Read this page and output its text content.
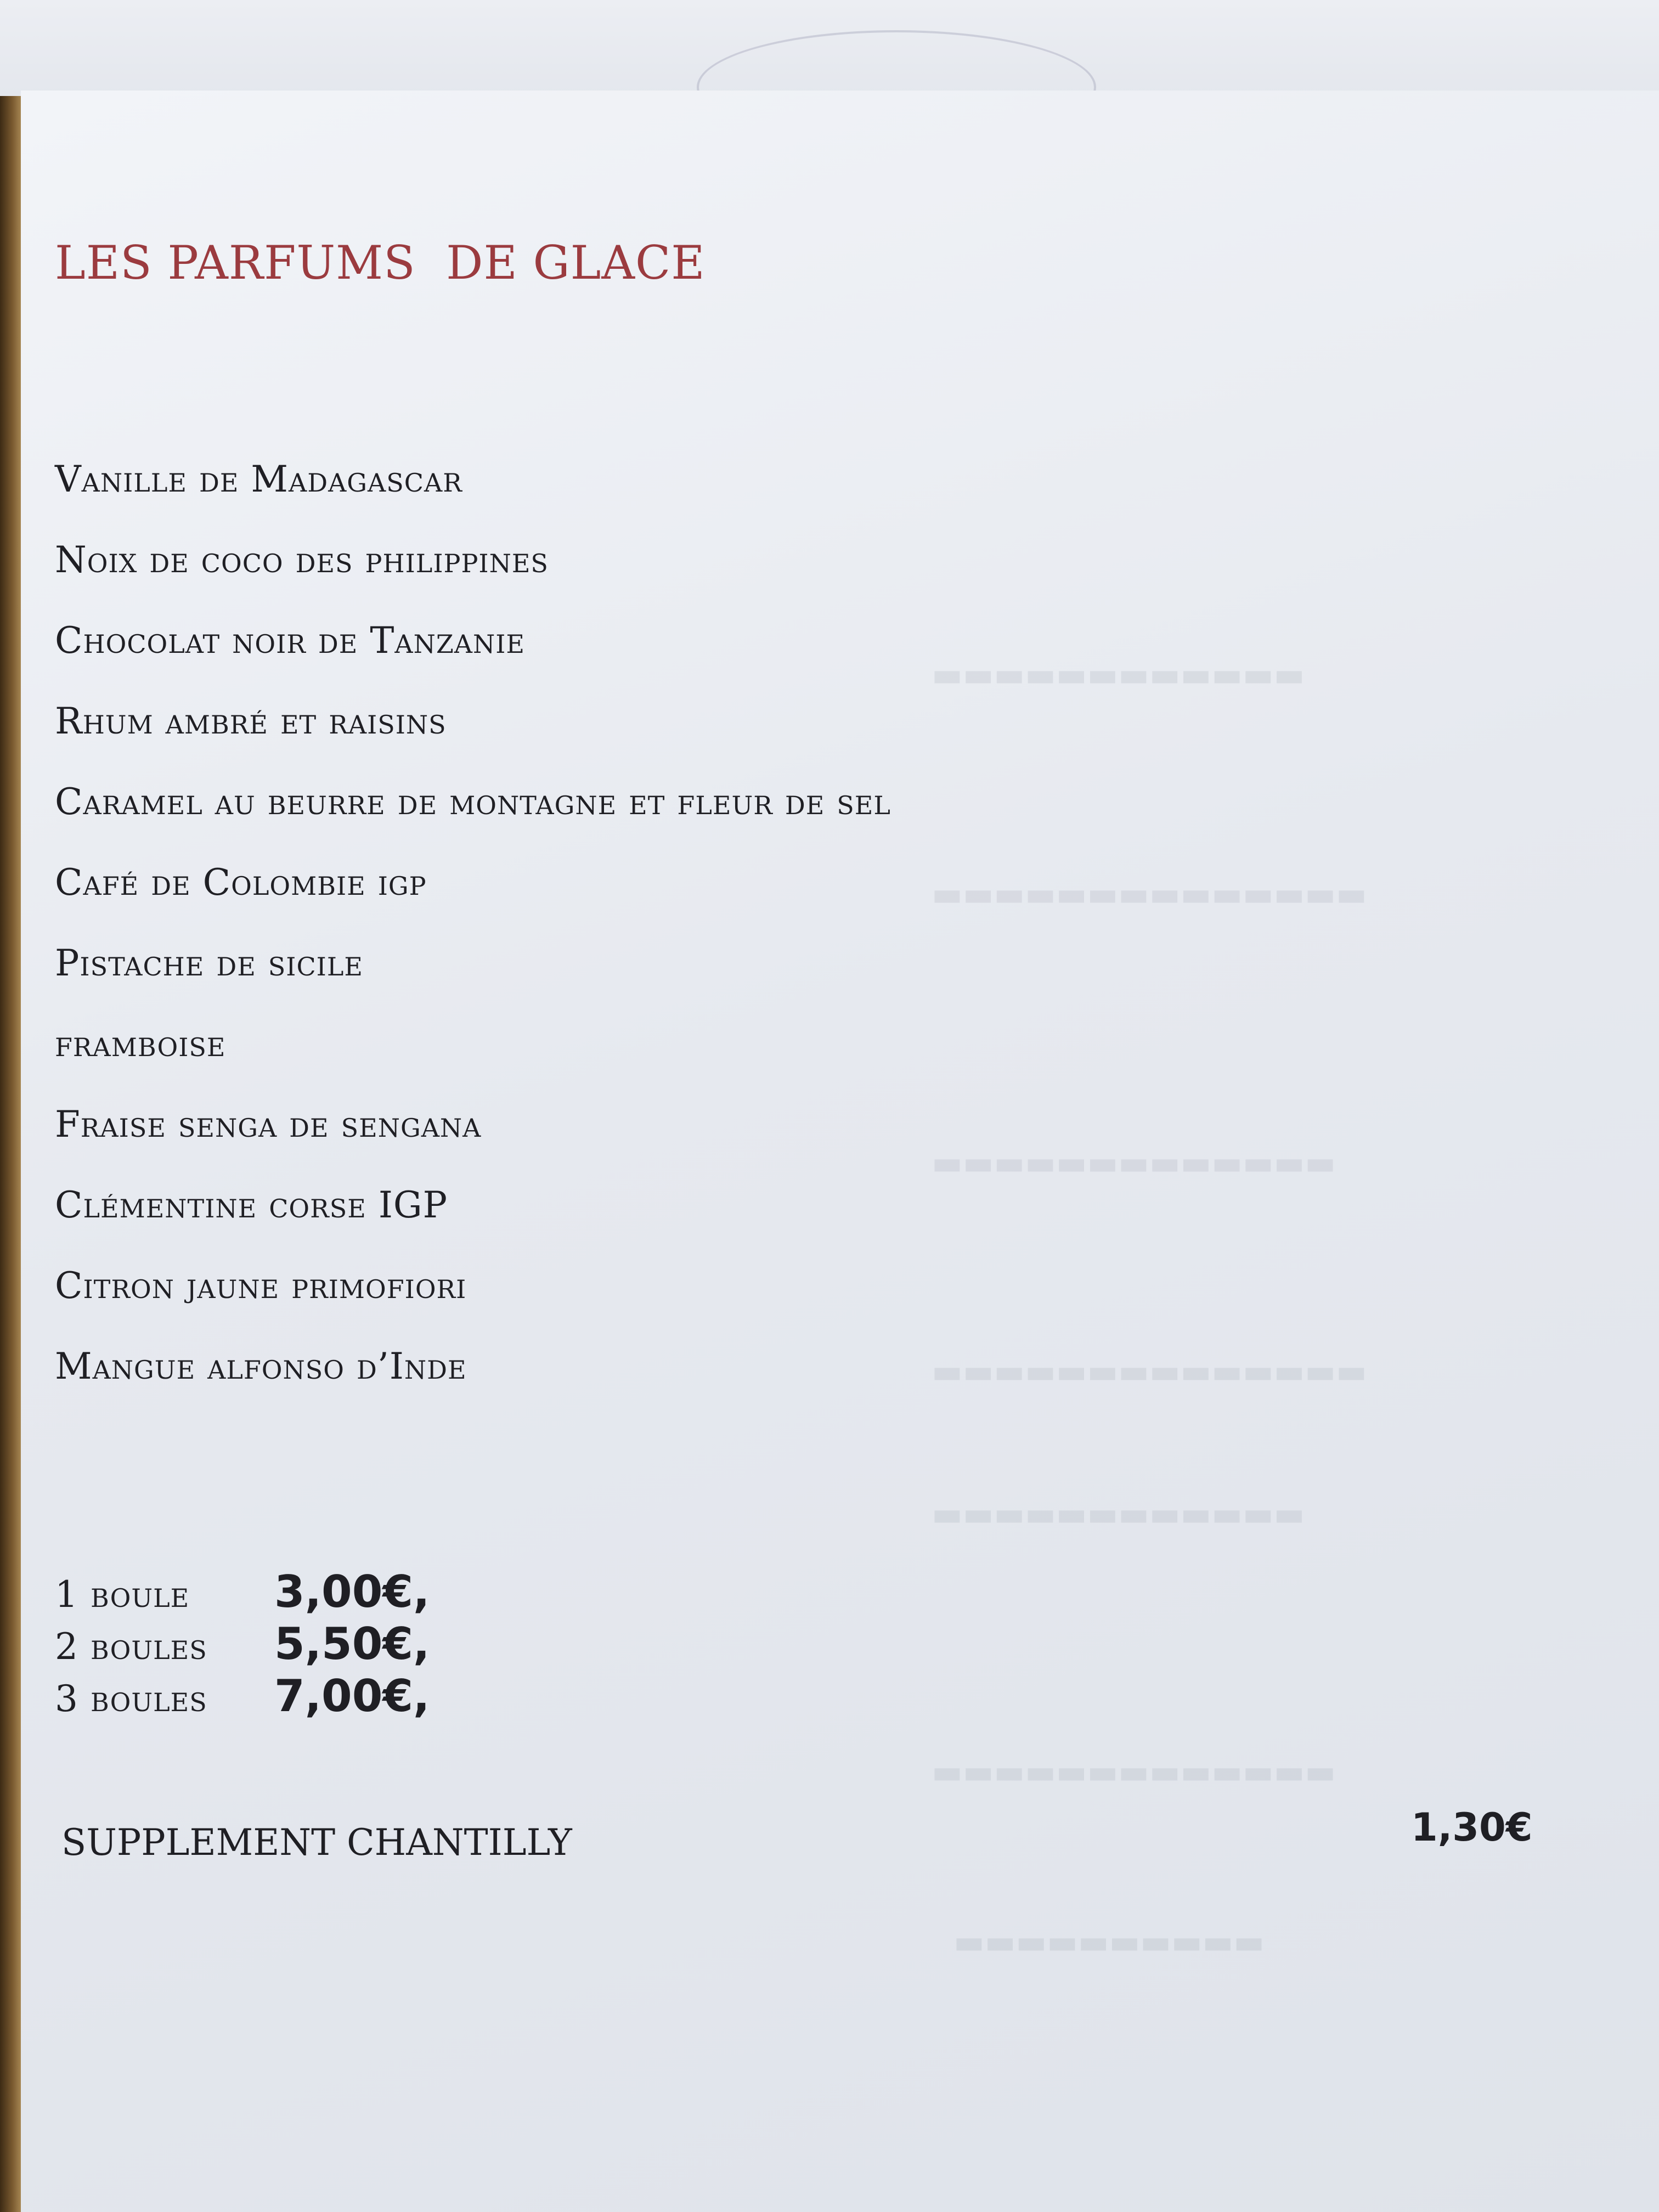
▬▬▬▬▬▬▬▬▬▬▬▬
▬▬▬▬▬▬▬▬▬▬▬▬▬▬
▬▬▬▬▬▬▬▬▬▬▬▬▬
▬▬▬▬▬▬▬▬▬▬▬▬▬▬
▬▬▬▬▬▬▬▬▬▬▬▬
▬▬▬▬▬▬▬▬▬▬▬▬▬
▬▬▬▬▬▬▬▬▬▬
LES PARFUMS  DE GLACE
Vanille de Madagascar
Noix de coco des philippines
Chocolat noir de Tanzanie
Rhum ambré et raisins
Caramel au beurre de montagne et fleur de sel
Café de Colombie igp
Pistache de sicile
framboise
Fraise senga de sengana
Clémentine corse IGP
Citron jaune primofiori
Mangue alfonso d’Inde
1 boule 3,00€,
2 boules 5,50€,
3 boules 7,00€,
SUPPLEMENT CHANTILLY	1,30€
